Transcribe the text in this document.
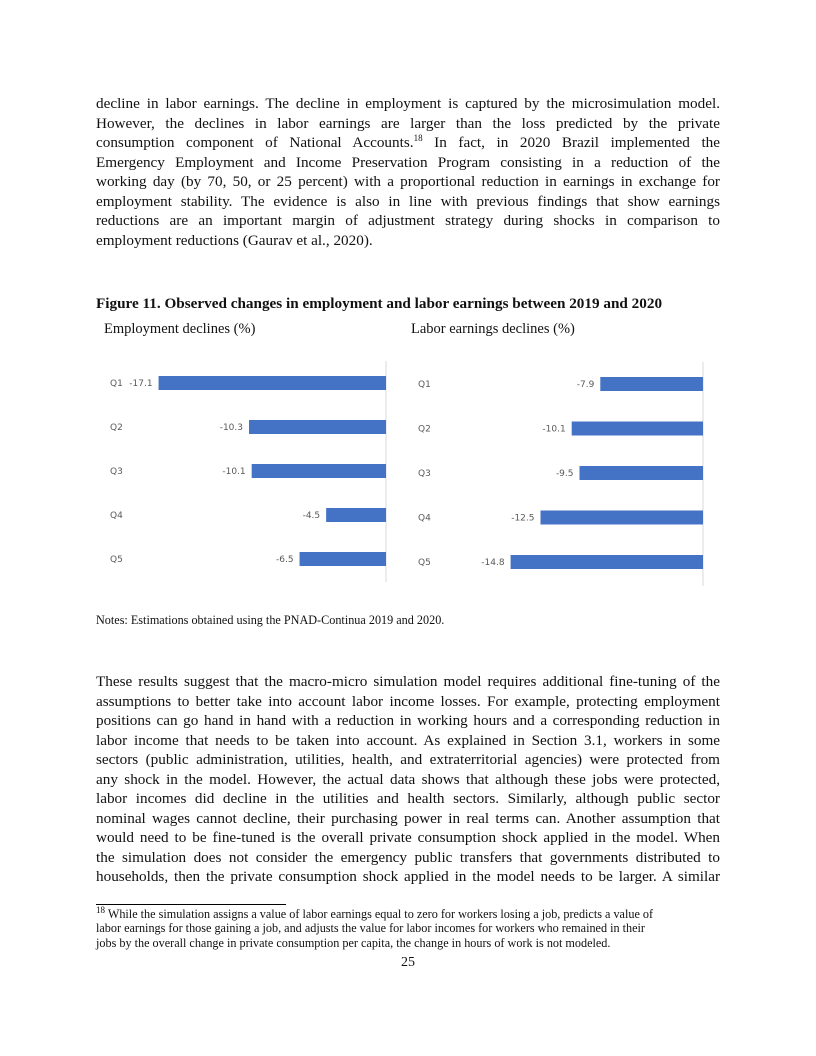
decline in labor earnings. The decline in employment is captured by the microsimulation model.
However, the declines in labor earnings are larger than the loss predicted by the private
consumption component of National Accounts.$^{18}$ In fact, in 2020 Brazil implemented the
Emergency Employment and Income Preservation Program consisting in a reduction of the
working day (by 70, 50, or 25 percent) with a proportional reduction in earnings in exchange for
employment stability. The evidence is also in line with previous findings that show earnings
reductions are an important margin of adjustment strategy during shocks in comparison to
employment reductions (Gaurav et al., 2020).

Figure 11. Observed changes in employment and labor earnings between 2019 and 2020
Employment declines (%)	Labor earnings declines (%)
Q1 -17.1
Q2	-10.3
Q3	-10.1
Q4	-4.5
Q5	-6.5
Q1	-7.9
Q2	-10.1
Q3	-9.5
Q4	-12.5
Q5	-14.8
Notes: Estimations obtained using the PNAD-Continua 2019 and 2020.

These results suggest that the macro-micro simulation model requires additional fine-tuning of the
assumptions to better take into account labor income losses. For example, protecting employment
positions can go hand in hand with a reduction in working hours and a corresponding reduction in
labor income that needs to be taken into account. As explained in Section 3.1, workers in some
sectors (public administration, utilities, health, and extraterritorial agencies) were protected from
any shock in the model. However, the actual data shows that although these jobs were protected,
labor incomes did decline in the utilities and health sectors. Similarly, although public sector
nominal wages cannot decline, their purchasing power in real terms can. Another assumption that
would need to be fine-tuned is the overall private consumption shock applied in the model. When
the simulation does not consider the emergency public transfers that governments distributed to
households, then the private consumption shock applied in the model needs to be larger. A similar

$^{18}$ While the simulation assigns a value of labor earnings equal to zero for workers losing a job, predicts a value of
labor earnings for those gaining a job, and adjusts the value for labor incomes for workers who remained in their
jobs by the overall change in private consumption per capita, the change in hours of work is not modeled.

25
